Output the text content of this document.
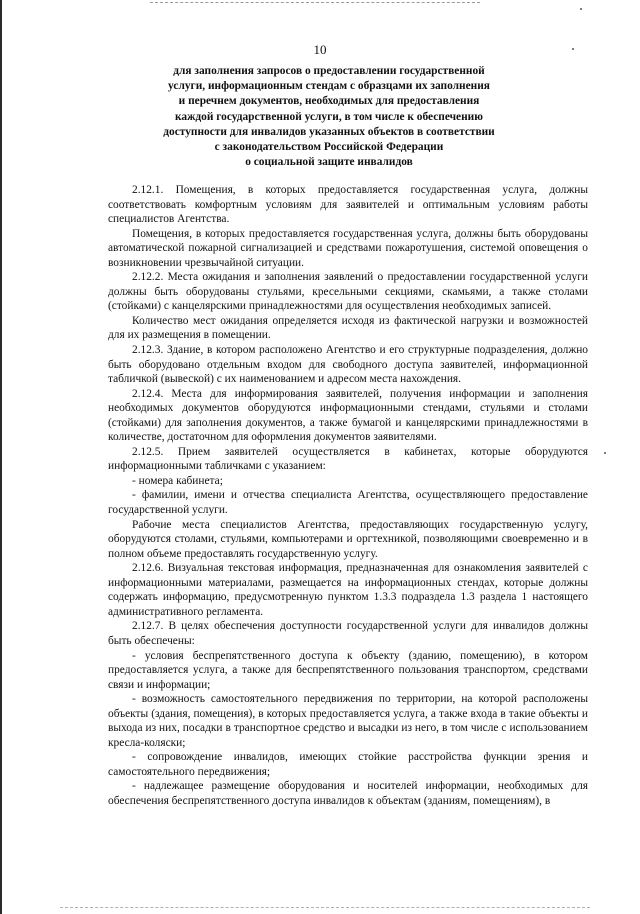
10
для заполнения запросов о предоставлении государственной
услуги, информационным стендам с образцами их заполнения
и перечнем документов, необходимых для предоставления
каждой государственной услуги, в том числе к обеспечению
доступности для инвалидов указанных объектов в соответствии
с законодательством Российской Федерации
о социальной защите инвалидов

2.12.1. Помещения, в которых предоставляется государственная услуга, должны соответствовать комфортным условиям для заявителей и оптимальным условиям работы специалистов Агентства.

Помещения, в которых предоставляется государственная услуга, должны быть оборудованы автоматической пожарной сигнализацией и средствами пожаротушения, системой оповещения о возникновении чрезвычайной ситуации.

2.12.2. Места ожидания и заполнения заявлений о предоставлении государственной услуги должны быть оборудованы стульями, кресельными секциями, скамьями, а также столами (стойками) с канцелярскими принадлежностями для осуществления необходимых записей.

Количество мест ожидания определяется исходя из фактической нагрузки и возможностей для их размещения в помещении.

2.12.3. Здание, в котором расположено Агентство и его структурные подразделения, должно быть оборудовано отдельным входом для свободного доступа заявителей, информационной табличкой (вывеской) с их наименованием и адресом места нахождения.

2.12.4. Места для информирования заявителей, получения информации и заполнения необходимых документов оборудуются информационными стендами, стульями и столами (стойками) для заполнения документов, а также бумагой и канцелярскими принадлежностями в количестве, достаточном для оформления документов заявителями.

2.12.5. Прием заявителей осуществляется в кабинетах, которые оборудуются информационными табличками с указанием:

- номера кабинета;

- фамилии, имени и отчества специалиста Агентства, осуществляющего предоставление государственной услуги.

Рабочие места специалистов Агентства, предоставляющих государственную услугу, оборудуются столами, стульями, компьютерами и оргтехникой, позволяющими своевременно и в полном объеме предоставлять государственную услугу.

2.12.6. Визуальная текстовая информация, предназначенная для ознакомления заявителей с информационными материалами, размещается на информационных стендах, которые должны содержать информацию, предусмотренную пунктом 1.3.3 подраздела 1.3 раздела 1 настоящего административного регламента.

2.12.7. В целях обеспечения доступности государственной услуги для инвалидов должны быть обеспечены:

- условия беспрепятственного доступа к объекту (зданию, помещению), в котором предоставляется услуга, а также для беспрепятственного пользования транспортом, средствами связи и информации;

- возможность самостоятельного передвижения по территории, на которой расположены объекты (здания, помещения), в которых предоставляется услуга, а также входа в такие объекты и выхода из них, посадки в транспортное средство и высадки из него, в том числе с использованием кресла-коляски;

- сопровождение инвалидов, имеющих стойкие расстройства функции зрения и самостоятельного передвижения;

- надлежащее размещение оборудования и носителей информации, необходимых для обеспечения беспрепятственного доступа инвалидов к объектам (зданиям, помещениям), в
